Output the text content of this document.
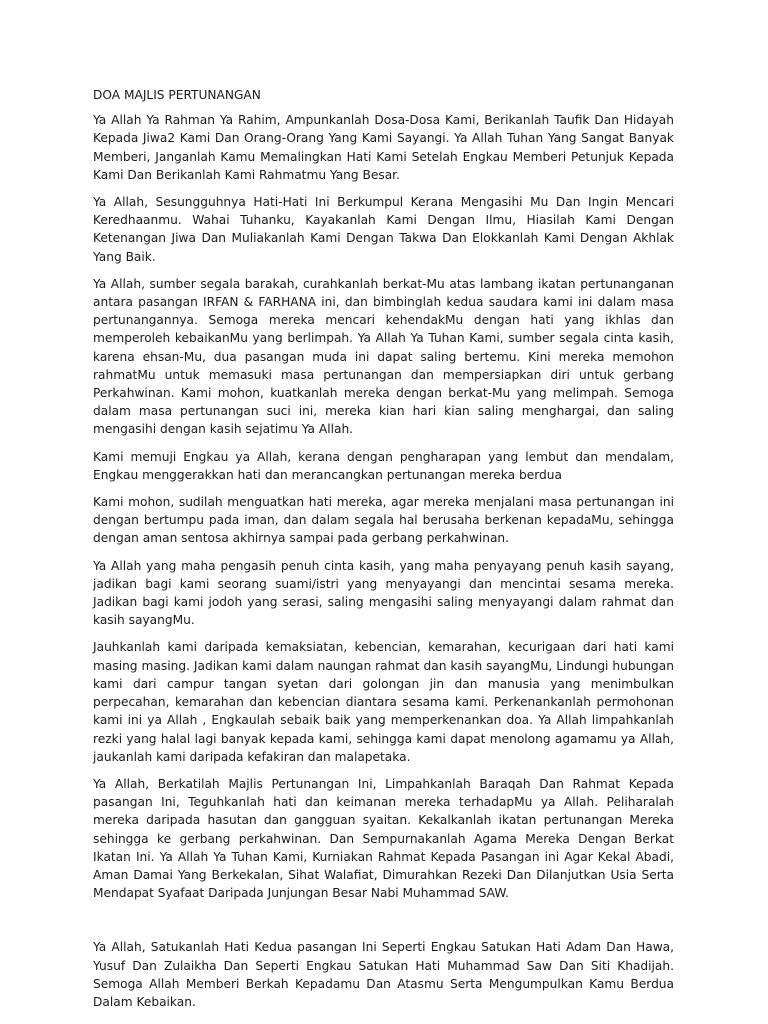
DOA MAJLIS PERTUNANGAN

Ya Allah Ya Rahman Ya Rahim, Ampunkanlah Dosa-Dosa Kami, Berikanlah Taufik Dan Hidayah Kepada Jiwa2 Kami Dan Orang-Orang Yang Kami Sayangi. Ya Allah Tuhan Yang Sangat Banyak Memberi, Janganlah Kamu Memalingkan Hati Kami Setelah Engkau Memberi Petunjuk Kepada Kami Dan Berikanlah Kami Rahmatmu Yang Besar.

Ya Allah, Sesungguhnya Hati-Hati Ini Berkumpul Kerana Mengasihi Mu Dan Ingin Mencari Keredhaanmu. Wahai Tuhanku, Kayakanlah Kami Dengan Ilmu, Hiasilah Kami Dengan Ketenangan Jiwa Dan Muliakanlah Kami Dengan Takwa Dan Elokkanlah Kami Dengan Akhlak Yang Baik.

Ya Allah, sumber segala barakah, curahkanlah berkat-Mu atas lambang ikatan pertunanganan antara pasangan IRFAN & FARHANA ini, dan bimbinglah kedua saudara kami ini dalam masa pertunangannya. Semoga mereka mencari kehendakMu dengan hati yang ikhlas dan memperoleh kebaikanMu yang berlimpah. Ya Allah Ya Tuhan Kami, sumber segala cinta kasih, karena ehsan-Mu, dua pasangan muda ini dapat saling bertemu. Kini mereka memohon rahmatMu untuk memasuki masa pertunangan dan mempersiapkan diri untuk gerbang Perkahwinan. Kami mohon, kuatkanlah mereka dengan berkat-Mu yang melimpah. Semoga dalam masa pertunangan suci ini, mereka kian hari kian saling menghargai, dan saling mengasihi dengan kasih sejatimu Ya Allah.

Kami memuji Engkau ya Allah, kerana dengan pengharapan yang lembut dan mendalam, Engkau menggerakkan hati dan merancangkan pertunangan mereka berdua

Kami mohon, sudilah menguatkan hati mereka, agar mereka menjalani masa pertunangan ini dengan bertumpu pada iman, dan dalam segala hal berusaha berkenan kepadaMu, sehingga dengan aman sentosa akhirnya sampai pada gerbang perkahwinan.

Ya Allah yang maha pengasih penuh cinta kasih, yang maha penyayang penuh kasih sayang, jadikan bagi kami seorang suami/istri yang menyayangi dan mencintai sesama mereka. Jadikan bagi kami jodoh yang serasi, saling mengasihi saling menyayangi dalam rahmat dan kasih sayangMu.

Jauhkanlah kami daripada kemaksiatan, kebencian, kemarahan, kecurigaan dari hati kami masing masing. Jadikan kami dalam naungan rahmat dan kasih sayangMu, Lindungi hubungan kami dari campur tangan syetan dari golongan jin dan manusia yang menimbulkan perpecahan, kemarahan dan kebencian diantara sesama kami. Perkenankanlah permohonan kami ini ya Allah , Engkaulah sebaik baik yang memperkenankan doa. Ya Allah limpahkanlah rezki yang halal lagi banyak kepada kami, sehingga kami dapat menolong agamamu ya Allah, jaukanlah kami daripada kefakiran dan malapetaka.

Ya Allah, Berkatilah Majlis Pertunangan Ini, Limpahkanlah Baraqah Dan Rahmat Kepada pasangan Ini, Teguhkanlah hati dan keimanan mereka terhadapMu ya Allah. Peliharalah mereka daripada hasutan dan gangguan syaitan. Kekalkanlah ikatan pertunangan Mereka sehingga ke gerbang perkahwinan. Dan Sempurnakanlah Agama Mereka Dengan Berkat Ikatan Ini. Ya Allah Ya Tuhan Kami, Kurniakan Rahmat Kepada Pasangan ini Agar Kekal Abadi, Aman Damai Yang Berkekalan, Sihat Walafiat, Dimurahkan Rezeki Dan Dilanjutkan Usia Serta Mendapat Syafaat Daripada Junjungan Besar Nabi Muhammad SAW.

Ya Allah, Satukanlah Hati Kedua pasangan Ini Seperti Engkau Satukan Hati Adam Dan Hawa, Yusuf Dan Zulaikha Dan Seperti Engkau Satukan Hati Muhammad Saw Dan Siti Khadijah. Semoga Allah Memberi Berkah Kepadamu Dan Atasmu Serta Mengumpulkan Kamu Berdua Dalam Kebaikan.
